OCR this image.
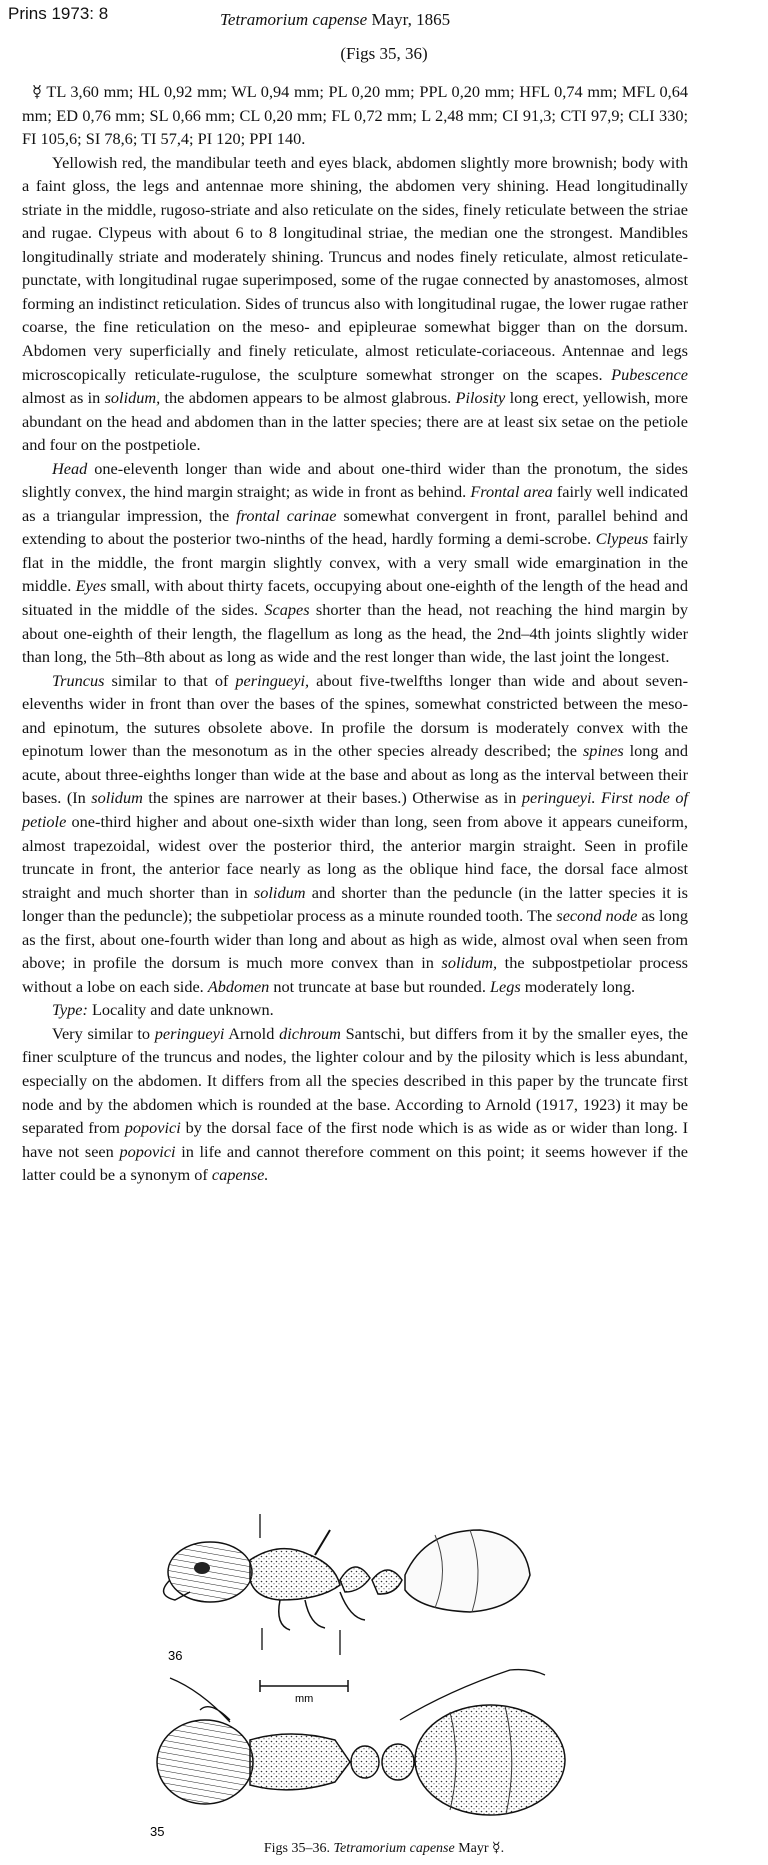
Prins 1973: 8	Tetramorium capense Mayr, 1865
(Figs 35, 36)

☿ TL 3,60 mm; HL 0,92 mm; WL 0,94 mm; PL 0,20 mm; PPL 0,20 mm; HFL 0,74 mm; MFL 0,64 mm; ED 0,76 mm; SL 0,66 mm; CL 0,20 mm; FL 0,72 mm; L 2,48 mm; CI 91,3; CTI 97,9; CLI 330; FI 105,6; SI 78,6; TI 57,4; PI 120; PPI 140.

Yellowish red, the mandibular teeth and eyes black, abdomen slightly more brownish; body with a faint gloss, the legs and antennae more shining, the abdomen very shining. Head longitudinally striate in the middle, rugoso-striate and also reticulate on the sides, finely reticulate between the striae and rugae. Clypeus with about 6 to 8 longitudinal striae, the median one the strongest. Mandibles longitudinally striate and moderately shining. Truncus and nodes finely reticulate, almost reticulate-punctate, with longitudinal rugae superimposed, some of the rugae connected by anastomoses, almost forming an indistinct reticulation. Sides of truncus also with longitudinal rugae, the lower rugae rather coarse, the fine reticulation on the meso- and epipleurae somewhat bigger than on the dorsum. Abdomen very superficially and finely reticulate, almost reticulate-coriaceous. Antennae and legs microscopically reticulate-rugulose, the sculpture somewhat stronger on the scapes. Pubescence almost as in solidum, the abdomen appears to be almost glabrous. Pilosity long erect, yellowish, more abundant on the head and abdomen than in the latter species; there are at least six setae on the petiole and four on the postpetiole.

Head one-eleventh longer than wide and about one-third wider than the pronotum, the sides slightly convex, the hind margin straight; as wide in front as behind. Frontal area fairly well indicated as a triangular impression, the frontal carinae somewhat convergent in front, parallel behind and extending to about the posterior two-ninths of the head, hardly forming a demi-scrobe. Clypeus fairly flat in the middle, the front margin slightly convex, with a very small wide emargination in the middle. Eyes small, with about thirty facets, occupying about one-eighth of the length of the head and situated in the middle of the sides. Scapes shorter than the head, not reaching the hind margin by about one-eighth of their length, the flagellum as long as the head, the 2nd–4th joints slightly wider than long, the 5th–8th about as long as wide and the rest longer than wide, the last joint the longest.

Truncus similar to that of peringueyi, about five-twelfths longer than wide and about seven-elevenths wider in front than over the bases of the spines, somewhat constricted between the meso- and epinotum, the sutures obsolete above. In profile the dorsum is moderately convex with the epinotum lower than the mesonotum as in the other species already described; the spines long and acute, about three-eighths longer than wide at the base and about as long as the interval between their bases. (In solidum the spines are narrower at their bases.) Otherwise as in peringueyi. First node of petiole one-third higher and about one-sixth wider than long, seen from above it appears cuneiform, almost trapezoidal, widest over the posterior third, the anterior margin straight. Seen in profile truncate in front, the anterior face nearly as long as the oblique hind face, the dorsal face almost straight and much shorter than in solidum and shorter than the peduncle (in the latter species it is longer than the peduncle); the subpetiolar process as a minute rounded tooth. The second node as long as the first, about one-fourth wider than long and about as high as wide, almost oval when seen from above; in profile the dorsum is much more convex than in solidum, the subpostpetiolar process without a lobe on each side. Abdomen not truncate at base but rounded. Legs moderately long.

Type: Locality and date unknown.

Very similar to peringueyi Arnold dichroum Santschi, but differs from it by the smaller eyes, the finer sculpture of the truncus and nodes, the lighter colour and by the pilosity which is less abundant, especially on the abdomen. It differs from all the species described in this paper by the truncate first node and by the abdomen which is rounded at the base. According to Arnold (1917, 1923) it may be separated from popovici by the dorsal face of the first node which is as wide as or wider than long. I have not seen popovici in life and cannot therefore comment on this point; it seems however if the latter could be a synonym of capense.

36
mm
35
Figs 35–36. Tetramorium capense Mayr ☿.
